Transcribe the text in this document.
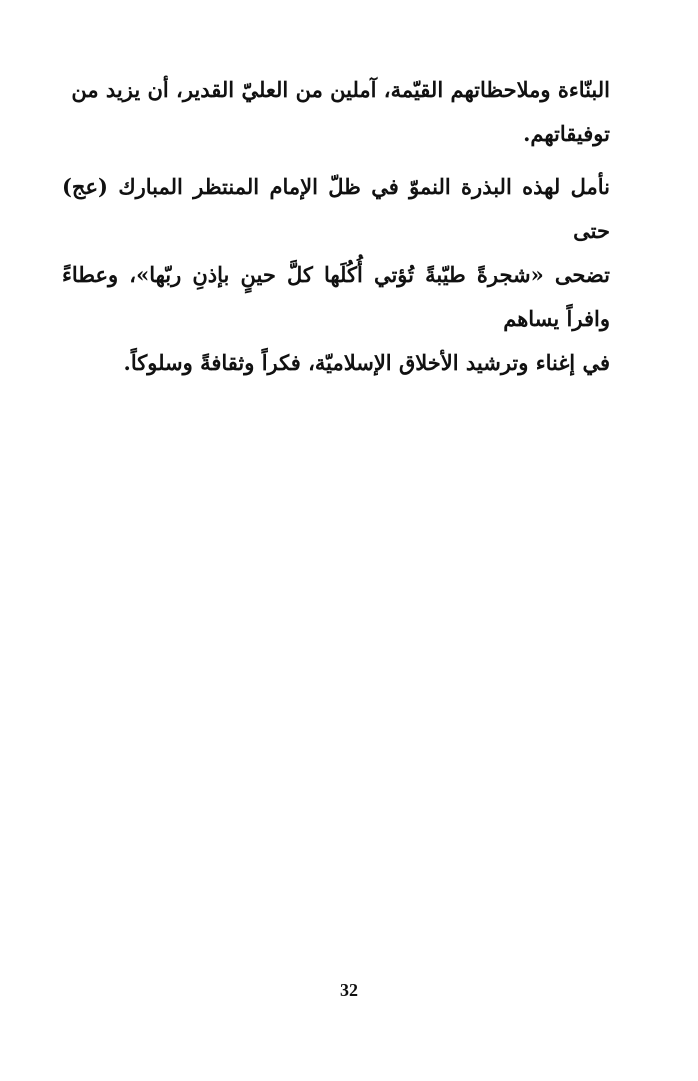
البنّاءة وملاحظاتهم القيّمة، آملين من العليّ القدير، أن يزيد من
توفيقاتهم.

نأمل لهذه البذرة النموّ في ظلّ الإمام المنتظر المبارك (عج) حتى
تضحى «شجرةً طيّبةً تُؤتي أُكُلَها كلَّ حينٍ بإذنِ ربّها»، وعطاءً وافراً يساهم
في إغناء وترشيد الأخلاق الإسلاميّة، فكراً وثقافةً وسلوكاً.

32
